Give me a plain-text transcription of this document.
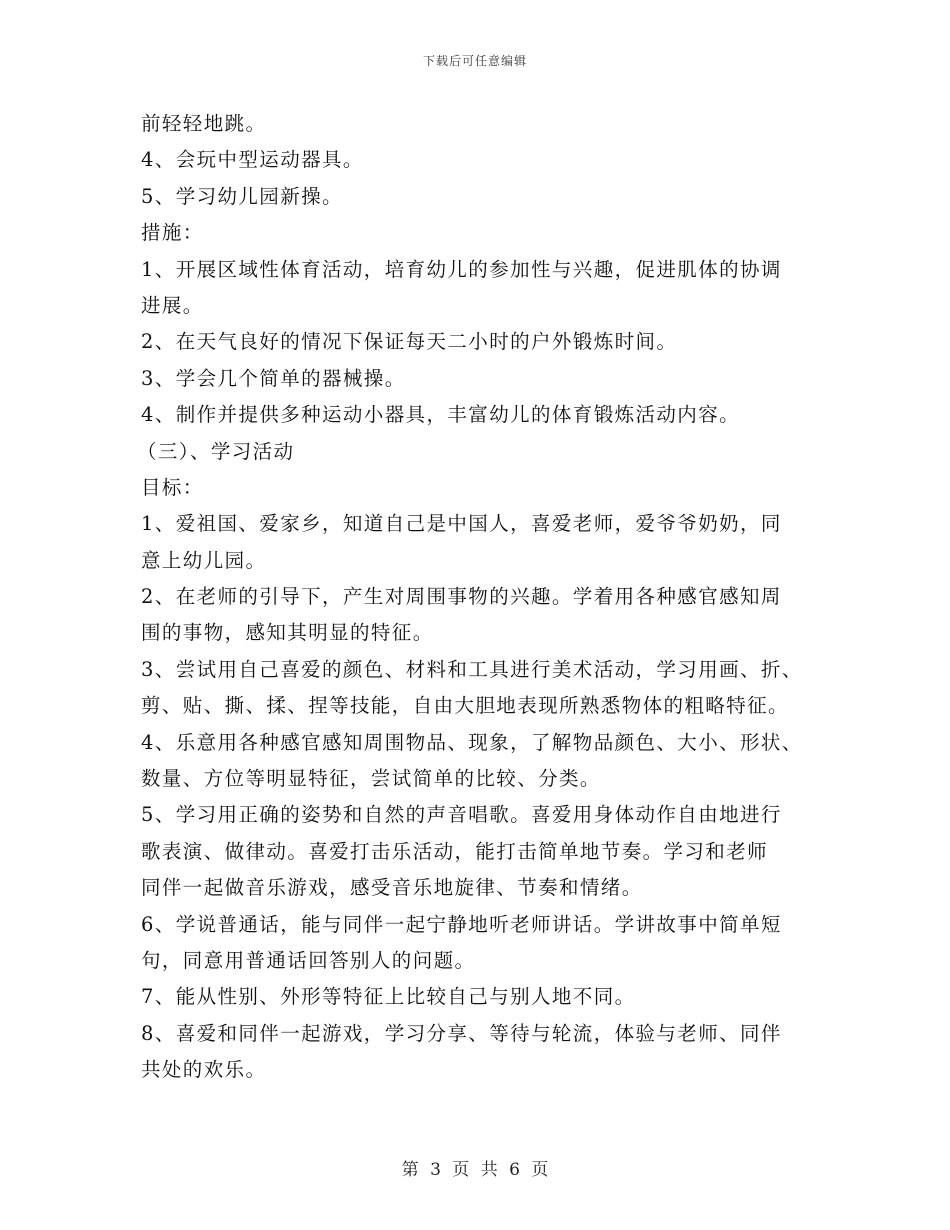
下载后可任意编辑
前轻轻地跳。
4、会玩中型运动器具。
5、学习幼儿园新操。
措施：
1、开展区域性体育活动，培育幼儿的参加性与兴趣，促进肌体的协调
进展。
2、在天气良好的情况下保证每天二小时的户外锻炼时间。
3、学会几个简单的器械操。
4、制作并提供多种运动小器具，丰富幼儿的体育锻炼活动内容。
（三）、学习活动
目标：
1、爱祖国、爱家乡，知道自己是中国人，喜爱老师，爱爷爷奶奶，同
意上幼儿园。
2、在老师的引导下，产生对周围事物的兴趣。学着用各种感官感知周
围的事物，感知其明显的特征。
3、尝试用自己喜爱的颜色、材料和工具进行美术活动，学习用画、折、
剪、贴、撕、揉、捏等技能，自由大胆地表现所熟悉物体的粗略特征。
4、乐意用各种感官感知周围物品、现象，了解物品颜色、大小、形状、
数量、方位等明显特征，尝试简单的比较、分类。
5、学习用正确的姿势和自然的声音唱歌。喜爱用身体动作自由地进行
歌表演、做律动。喜爱打击乐活动，能打击简单地节奏。学习和老师
同伴一起做音乐游戏，感受音乐地旋律、节奏和情绪。
6、学说普通话，能与同伴一起宁静地听老师讲话。学讲故事中简单短
句，同意用普通话回答别人的问题。
7、能从性别、外形等特征上比较自己与别人地不同。
8、喜爱和同伴一起游戏，学习分享、等待与轮流，体验与老师、同伴
共处的欢乐。
第 3 页 共 6 页
